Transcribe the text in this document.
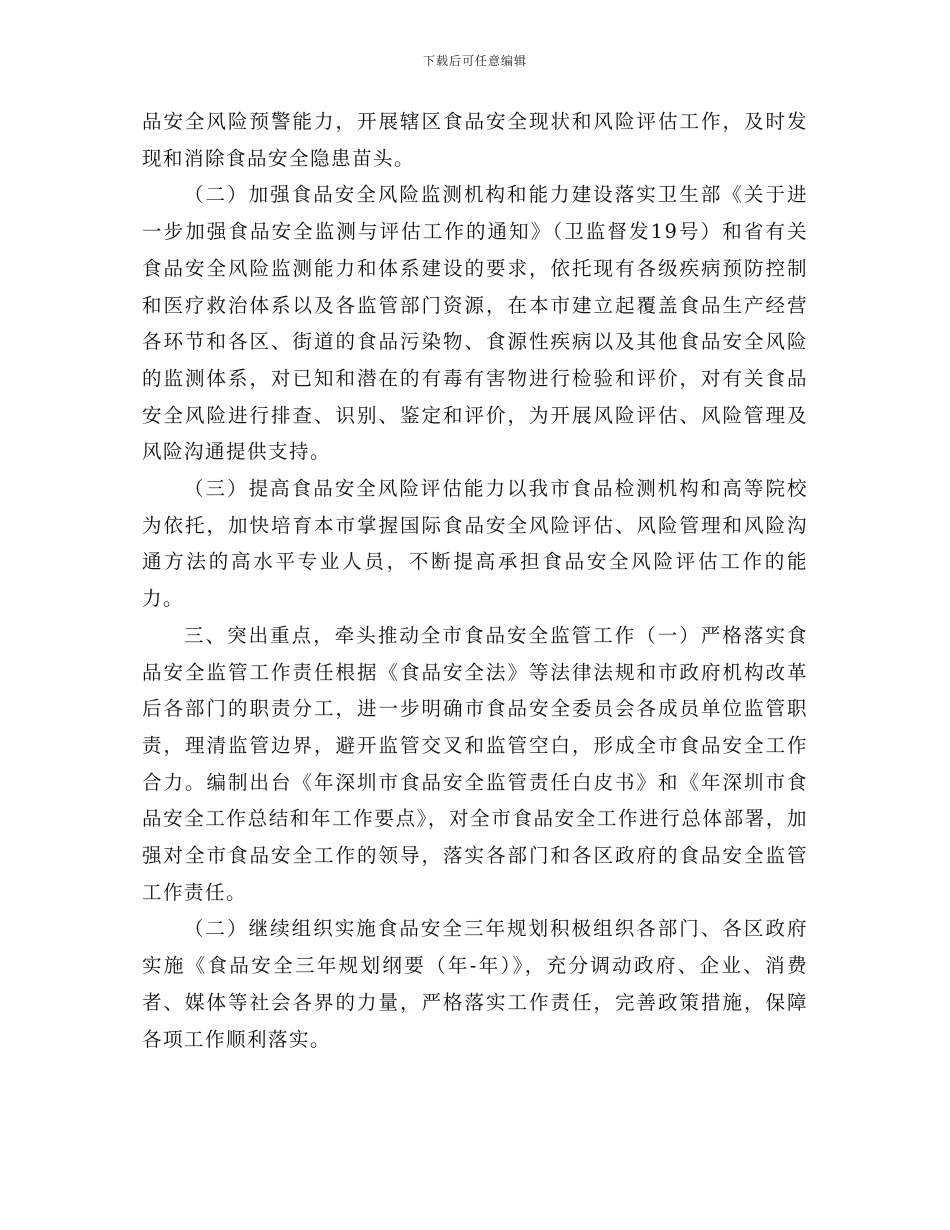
下载后可任意编辑

品安全风险预警能力，开展辖区食品安全现状和风险评估工作，及时发现和消除食品安全隐患苗头。

（二）加强食品安全风险监测机构和能力建设落实卫生部《关于进一步加强食品安全监测与评估工作的通知》（卫监督发19号）和省有关食品安全风险监测能力和体系建设的要求，依托现有各级疾病预防控制和医疗救治体系以及各监管部门资源，在本市建立起覆盖食品生产经营各环节和各区、街道的食品污染物、食源性疾病以及其他食品安全风险的监测体系，对已知和潜在的有毒有害物进行检验和评价，对有关食品安全风险进行排查、识别、鉴定和评价，为开展风险评估、风险管理及风险沟通提供支持。

（三）提高食品安全风险评估能力以我市食品检测机构和高等院校为依托，加快培育本市掌握国际食品安全风险评估、风险管理和风险沟通方法的高水平专业人员，不断提高承担食品安全风险评估工作的能力。

三、突出重点，牵头推动全市食品安全监管工作（一）严格落实食品安全监管工作责任根据《食品安全法》等法律法规和市政府机构改革后各部门的职责分工，进一步明确市食品安全委员会各成员单位监管职责，理清监管边界，避开监管交叉和监管空白，形成全市食品安全工作合力。编制出台《年深圳市食品安全监管责任白皮书》和《年深圳市食品安全工作总结和年工作要点》，对全市食品安全工作进行总体部署，加强对全市食品安全工作的领导，落实各部门和各区政府的食品安全监管工作责任。

（二）继续组织实施食品安全三年规划积极组织各部门、各区政府实施《食品安全三年规划纲要（年-年）》，充分调动政府、企业、消费者、媒体等社会各界的力量，严格落实工作责任，完善政策措施，保障各项工作顺利落实。
